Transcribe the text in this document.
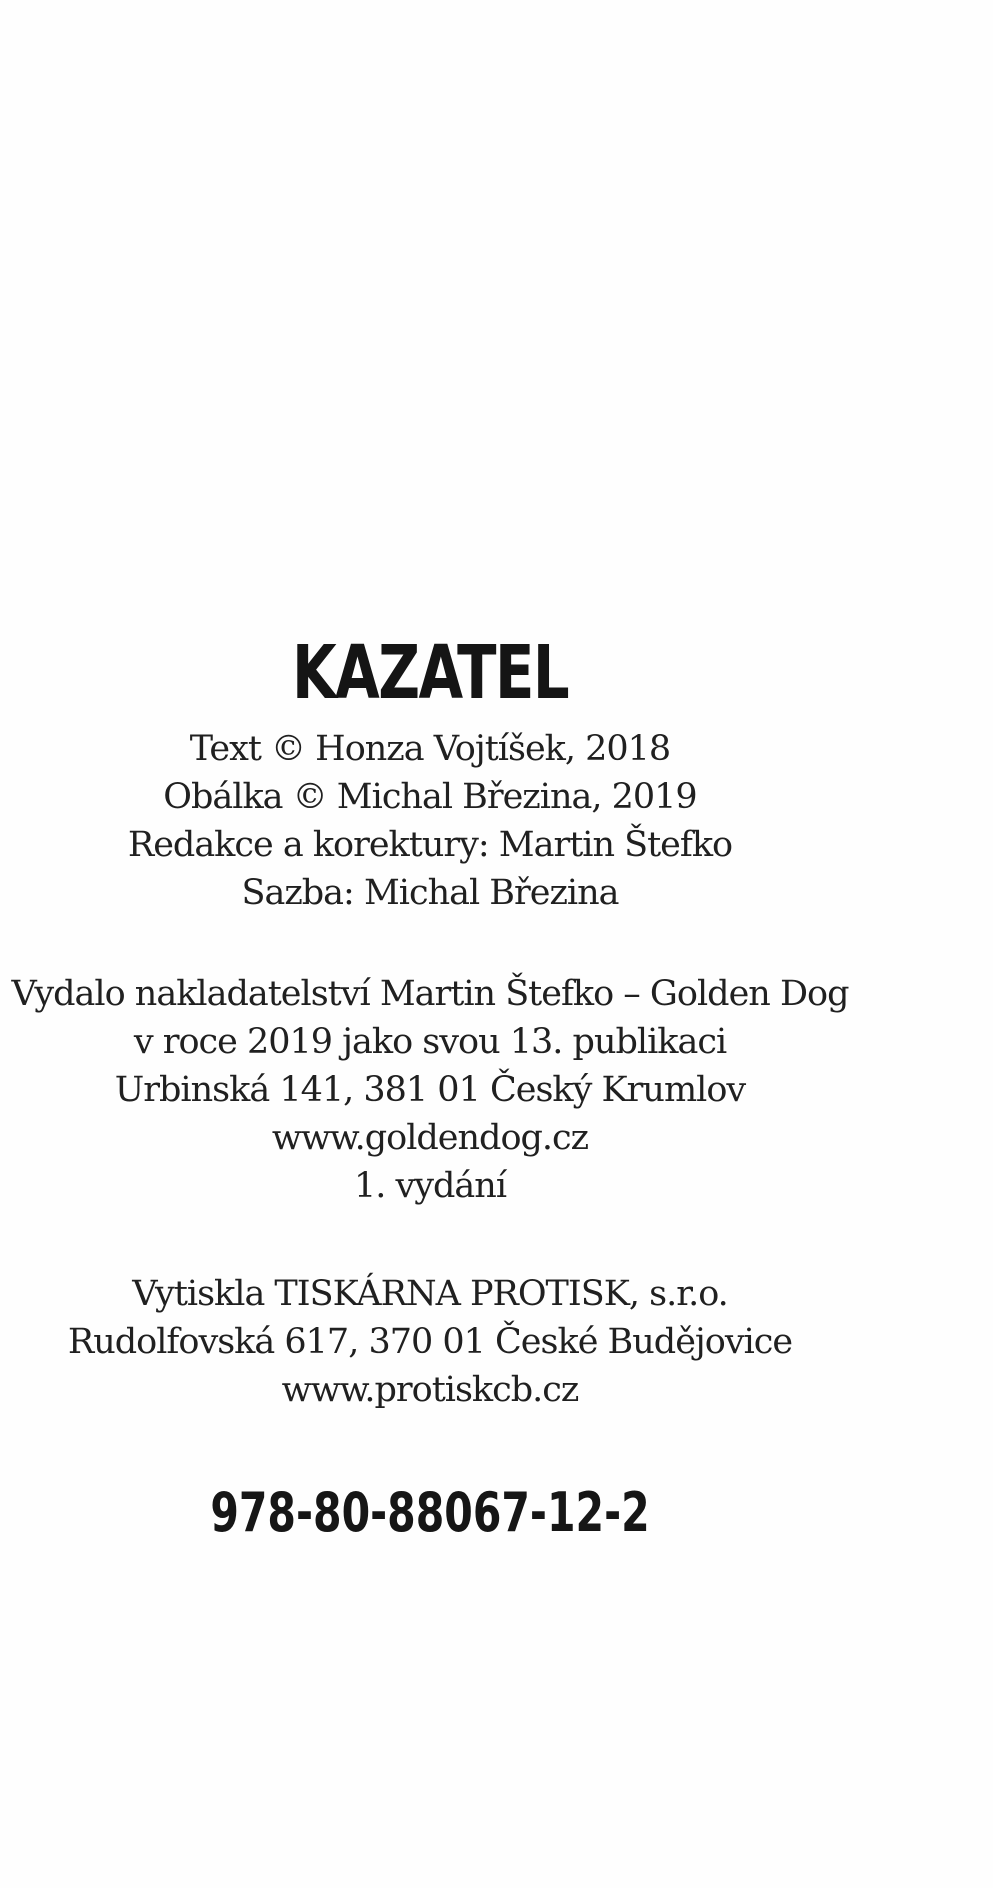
KAZATEL
Text © Honza Vojtíšek, 2018
Obálka © Michal Březina, 2019
Redakce a korektury: Martin Štefko
Sazba: Michal Březina
Vydalo nakladatelství Martin Štefko – Golden Dog
v roce 2019 jako svou 13. publikaci
Urbinská 141, 381 01 Český Krumlov
www.goldendog.cz
1. vydání
Vytiskla TISKÁRNA PROTISK, s.r.o.
Rudolfovská 617, 370 01 České Budějovice
www.protiskcb.cz
978-80-88067-12-2
